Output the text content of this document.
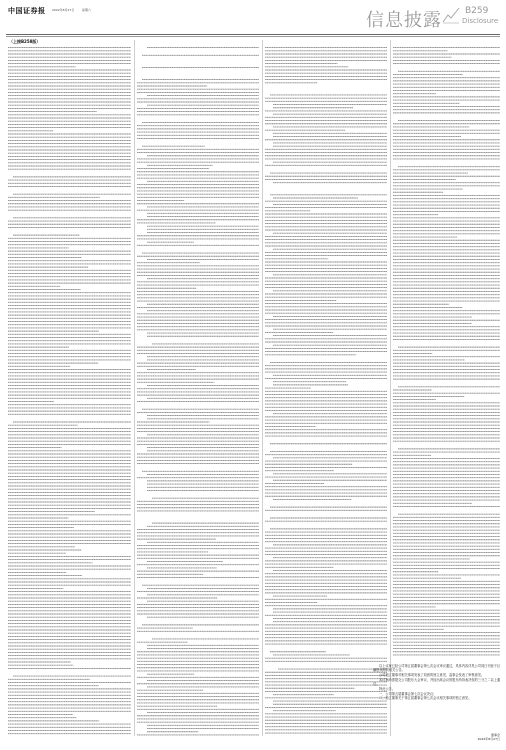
中国证券报 2022年8月27日	星期六	信息披露	B259
Disclosure
（上接B258版）

以上议案已经公司第五届董事会第七次会议审议通过，具体内容详见公司同日刊登于巨潮资讯网的相关公告。

公司独立董事对相关事项发表了同意的独立意见，监事会发表了审核意见。

本议案尚需提交公司股东大会审议，并经出席会议的股东所持表决权的三分之二以上通过。

特此公告。

一、公司第五届董事会第七次会议决议；

二、独立董事关于第五届董事会第七次会议相关事项的独立意见。

董事会
2022年8月27日
